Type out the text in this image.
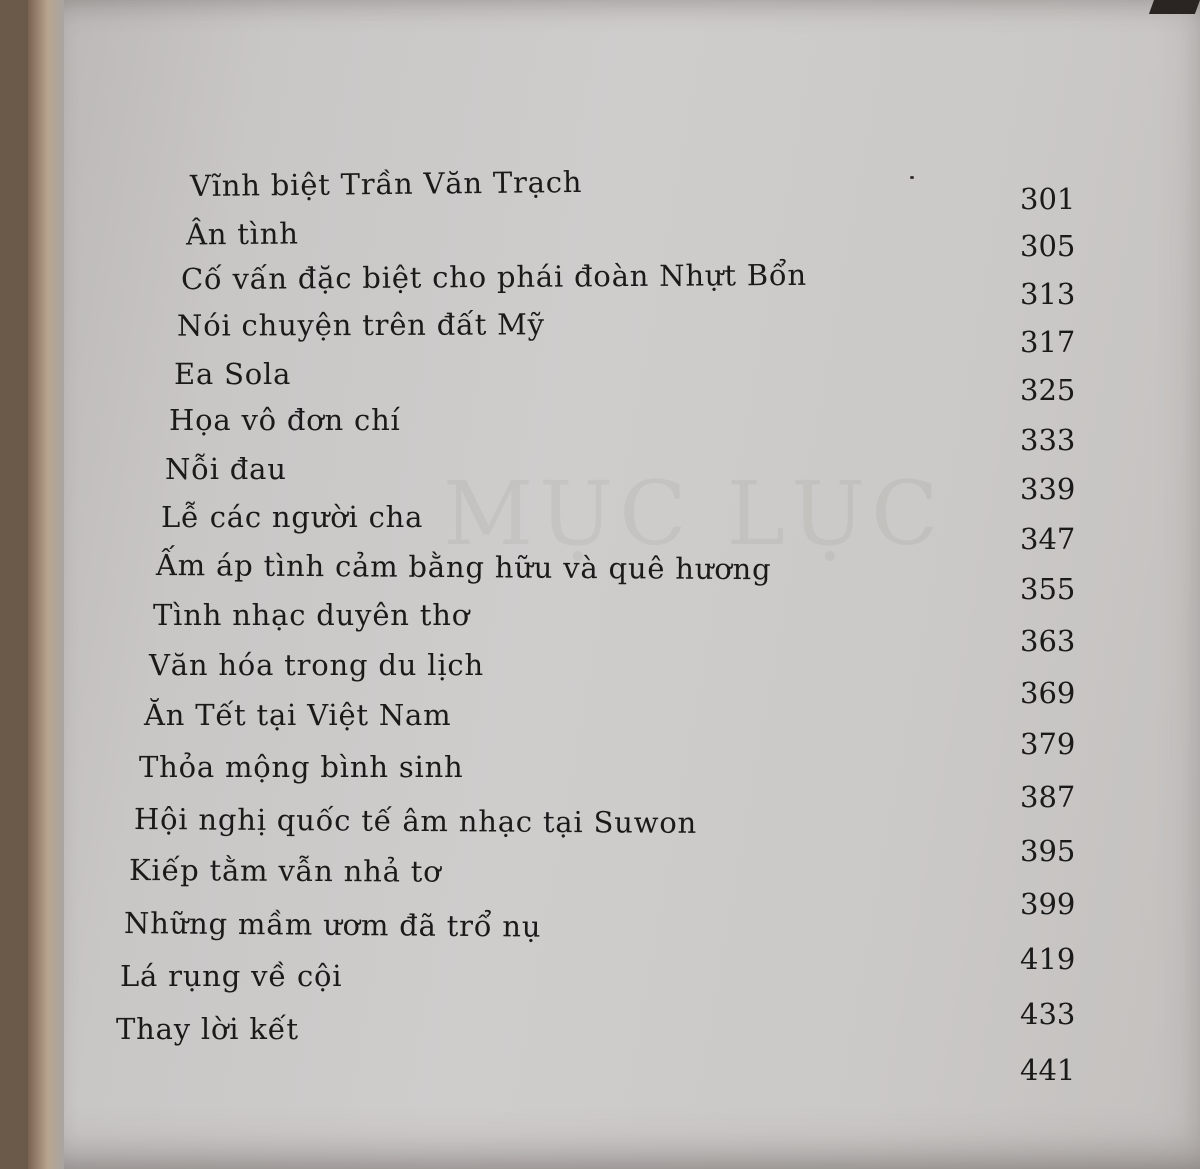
MỤC LỤC
Vĩnh biệt Trần Văn Trạch
Ân tình
Cố vấn đặc biệt cho phái đoàn Nhựt Bổn
Nói chuyện trên đất Mỹ
Ea Sola
Họa vô đơn chí
Nỗi đau
Lễ các người cha
Ấm áp tình cảm bằng hữu và quê hương
Tình nhạc duyên thơ
Văn hóa trong du lịch
Ăn Tết tại Việt Nam
Thỏa mộng bình sinh
Hội nghị quốc tế âm nhạc tại Suwon
Kiếp tằm vẫn nhả tơ
Những mầm ươm đã trổ nụ
Lá rụng về cội
Thay lời kết
301
305
313
317
325
333
339
347
355
363
369
379
387
395
399
419
433
441
